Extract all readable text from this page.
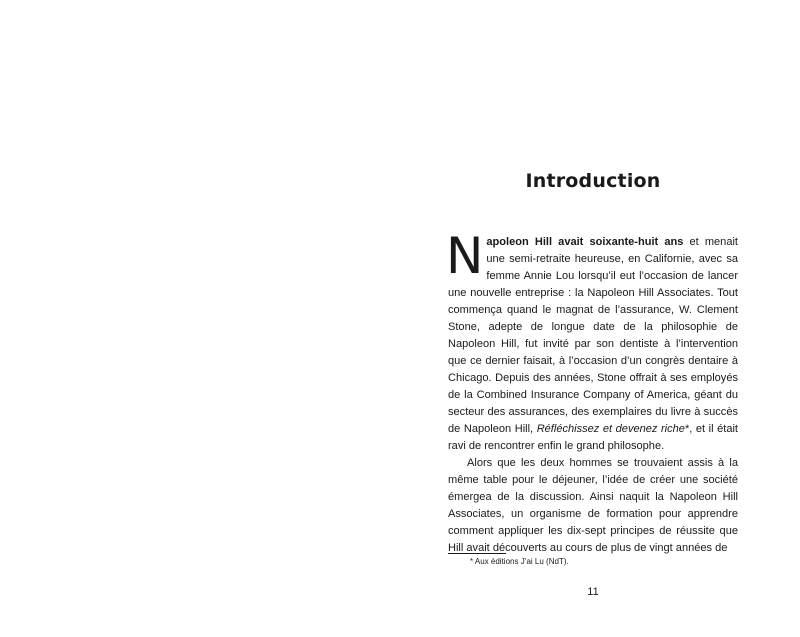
Introduction

Napoleon Hill avait soixante-huit ans et menait une semi-retraite heureuse, en Californie, avec sa femme Annie Lou lorsqu’il eut l’occasion de lancer une nouvelle entreprise : la Napoleon Hill Associates. Tout commença quand le magnat de l’assurance, W. Clement Stone, adepte de longue date de la philosophie de Napoleon Hill, fut invité par son dentiste à l’intervention que ce dernier faisait, à l’occasion d’un congrès dentaire à Chicago. Depuis des années, Stone offrait à ses employés de la Combined Insurance Company of America, géant du secteur des assurances, des exemplaires du livre à succès de Napoleon Hill, Réfléchissez et devenez riche*, et il était ravi de rencontrer enfin le grand philosophe.

Alors que les deux hommes se trouvaient assis à la même table pour le déjeuner, l’idée de créer une société émergea de la discussion. Ainsi naquit la Napoleon Hill Associates, un organisme de formation pour apprendre comment appliquer les dix-sept principes de réussite que Hill avait découverts au cours de plus de vingt années de

* Aux éditions J’ai Lu (NdT).
11
